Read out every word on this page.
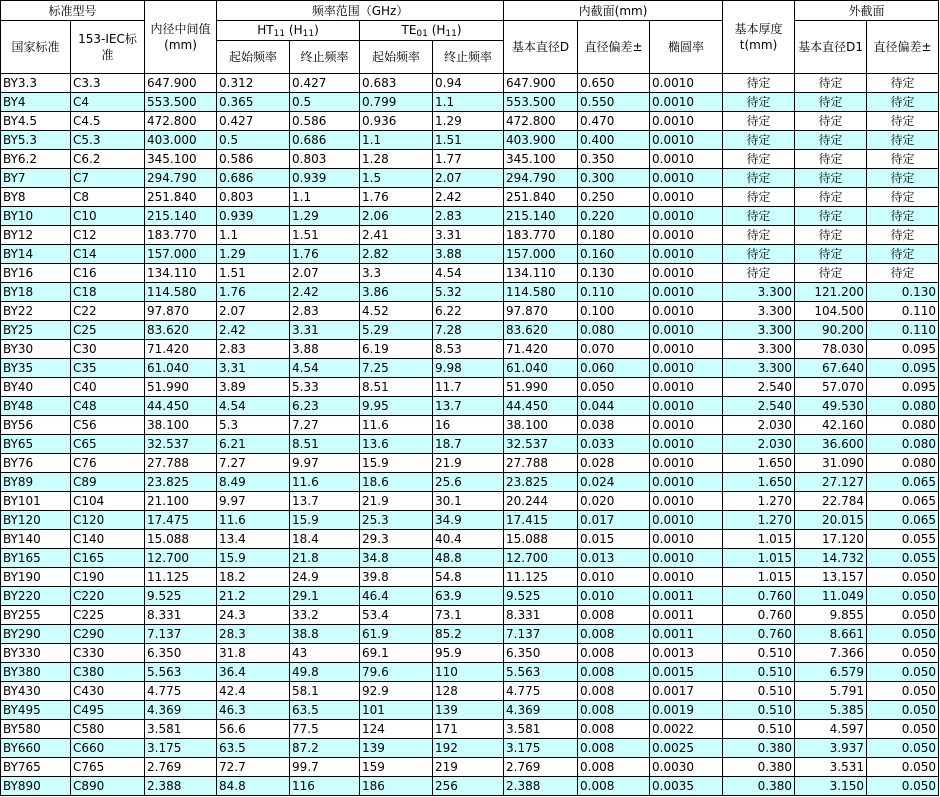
标准型号		内径中间值(mm)	频率范围（GHz）				内截面(mm)			基本厚度t(mm)	外截面	
国家标准	153-IEC标准		$HT_{11}$ $(H_{11})$		$TE_{01}$ $(H_{11})$		基本直径D	直径偏差±	椭圆率		基本直径D1	直径偏差±
			起始频率	终止频率	起始频率	终止频率						
BY3.3	C3.3	647.900	0.312	0.427	0.683	0.94	647.900	0.650	0.0010	待定	待定	待定
BY4	C4	553.500	0.365	0.5	0.799	1.1	553.500	0.550	0.0010	待定	待定	待定
BY4.5	C4.5	472.800	0.427	0.586	0.936	1.29	472.800	0.470	0.0010	待定	待定	待定
BY5.3	C5.3	403.000	0.5	0.686	1.1	1.51	403.900	0.400	0.0010	待定	待定	待定
BY6.2	C6.2	345.100	0.586	0.803	1.28	1.77	345.100	0.350	0.0010	待定	待定	待定
BY7	C7	294.790	0.686	0.939	1.5	2.07	294.790	0.300	0.0010	待定	待定	待定
BY8	C8	251.840	0.803	1.1	1.76	2.42	251.840	0.250	0.0010	待定	待定	待定
BY10	C10	215.140	0.939	1.29	2.06	2.83	215.140	0.220	0.0010	待定	待定	待定
BY12	C12	183.770	1.1	1.51	2.41	3.31	183.770	0.180	0.0010	待定	待定	待定
BY14	C14	157.000	1.29	1.76	2.82	3.88	157.000	0.160	0.0010	待定	待定	待定
BY16	C16	134.110	1.51	2.07	3.3	4.54	134.110	0.130	0.0010	待定	待定	待定
BY18	C18	114.580	1.76	2.42	3.86	5.32	114.580	0.110	0.0010	3.300	121.200	0.130
BY22	C22	97.870	2.07	2.83	4.52	6.22	97.870	0.100	0.0010	3.300	104.500	0.110
BY25	C25	83.620	2.42	3.31	5.29	7.28	83.620	0.080	0.0010	3.300	90.200	0.110
BY30	C30	71.420	2.83	3.88	6.19	8.53	71.420	0.070	0.0010	3.300	78.030	0.095
BY35	C35	61.040	3.31	4.54	7.25	9.98	61.040	0.060	0.0010	3.300	67.640	0.095
BY40	C40	51.990	3.89	5.33	8.51	11.7	51.990	0.050	0.0010	2.540	57.070	0.095
BY48	C48	44.450	4.54	6.23	9.95	13.7	44.450	0.044	0.0010	2.540	49.530	0.080
BY56	C56	38.100	5.3	7.27	11.6	16	38.100	0.038	0.0010	2.030	42.160	0.080
BY65	C65	32.537	6.21	8.51	13.6	18.7	32.537	0.033	0.0010	2.030	36.600	0.080
BY76	C76	27.788	7.27	9.97	15.9	21.9	27.788	0.028	0.0010	1.650	31.090	0.080
BY89	C89	23.825	8.49	11.6	18.6	25.6	23.825	0.024	0.0010	1.650	27.127	0.065
BY101	C104	21.100	9.97	13.7	21.9	30.1	20.244	0.020	0.0010	1.270	22.784	0.065
BY120	C120	17.475	11.6	15.9	25.3	34.9	17.415	0.017	0.0010	1.270	20.015	0.065
BY140	C140	15.088	13.4	18.4	29.3	40.4	15.088	0.015	0.0010	1.015	17.120	0.055
BY165	C165	12.700	15.9	21.8	34.8	48.8	12.700	0.013	0.0010	1.015	14.732	0.055
BY190	C190	11.125	18.2	24.9	39.8	54.8	11.125	0.010	0.0010	1.015	13.157	0.050
BY220	C220	9.525	21.2	29.1	46.4	63.9	9.525	0.010	0.0011	0.760	11.049	0.050
BY255	C225	8.331	24.3	33.2	53.4	73.1	8.331	0.008	0.0011	0.760	9.855	0.050
BY290	C290	7.137	28.3	38.8	61.9	85.2	7.137	0.008	0.0011	0.760	8.661	0.050
BY330	C330	6.350	31.8	43	69.1	95.9	6.350	0.008	0.0013	0.510	7.366	0.050
BY380	C380	5.563	36.4	49.8	79.6	110	5.563	0.008	0.0015	0.510	6.579	0.050
BY430	C430	4.775	42.4	58.1	92.9	128	4.775	0.008	0.0017	0.510	5.791	0.050
BY495	C495	4.369	46.3	63.5	101	139	4.369	0.008	0.0019	0.510	5.385	0.050
BY580	C580	3.581	56.6	77.5	124	171	3.581	0.008	0.0022	0.510	4.597	0.050
BY660	C660	3.175	63.5	87.2	139	192	3.175	0.008	0.0025	0.380	3.937	0.050
BY765	C765	2.769	72.7	99.7	159	219	2.769	0.008	0.0030	0.380	3.531	0.050
BY890	C890	2.388	84.8	116	186	256	2.388	0.008	0.0035	0.380	3.150	0.050
